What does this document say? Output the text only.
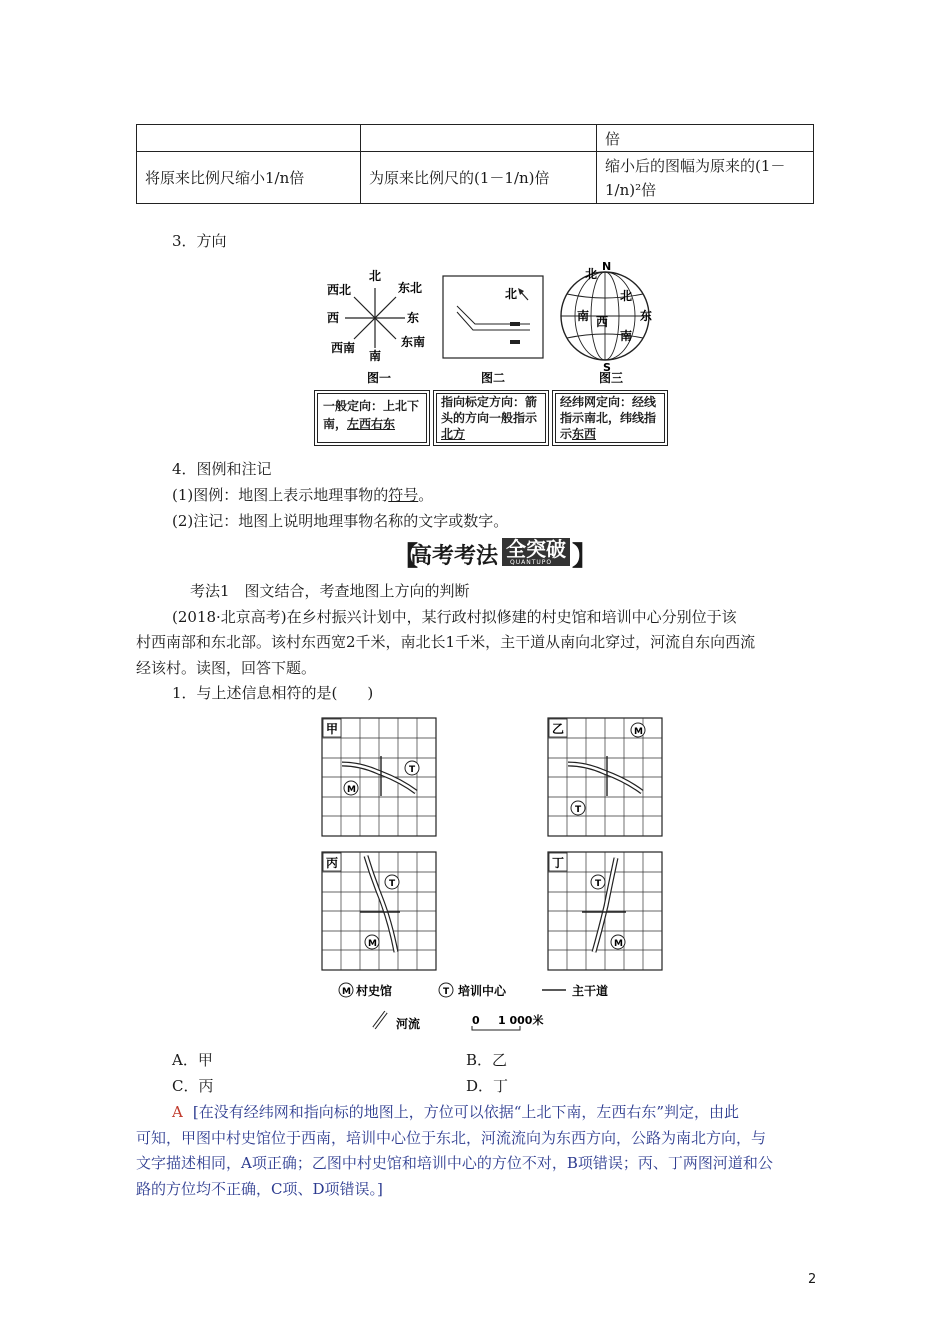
		倍
将原来比例尺缩小1/n倍	为原来比例尺的(1－1/n)倍	缩小后的图幅为原来的(1－
1/n)²倍
3．方向
北
东北
东
东南
南
西南
西
西北
图一
北
图二
N
S
北
北
南 西	东
南
图三
一般定向：上北下
南，左西右东
指向标定方向：箭
头的方向一般指示
北方
经纬网定向：经线
指示南北，纬线指
示东西
4．图例和注记
(1)图例：地图上表示地理事物的符号。
(2)注记：地图上说明地理事物名称的文字或数字。
【
高考考法 全突破
QUANTUPO 】
考法1　图文结合，考查地图上方向的判断
(2018·北京高考)在乡村振兴计划中，某行政村拟修建的村史馆和培训中心分别位于该
村西南部和东北部。该村东西宽2千米，南北长1千米，主干道从南向北穿过，河流自东向西流
经该村。读图，回答下题。
1．与上述信息相符的是(　　)
甲
M
T
乙	M
T
丙
T
M
丁
T
M
M 村史馆	T 培训中心	主干道
河流	0 1 000米
A．甲	B．乙
C．丙	D．丁
A [在没有经纬网和指向标的地图上，方位可以依据“上北下南，左西右东”判定，由此
可知，甲图中村史馆位于西南，培训中心位于东北，河流流向为东西方向，公路为南北方向，与
文字描述相同，A项正确；乙图中村史馆和培训中心的方位不对，B项错误；丙、丁两图河道和公
路的方位均不正确，C项、D项错误。]
2
